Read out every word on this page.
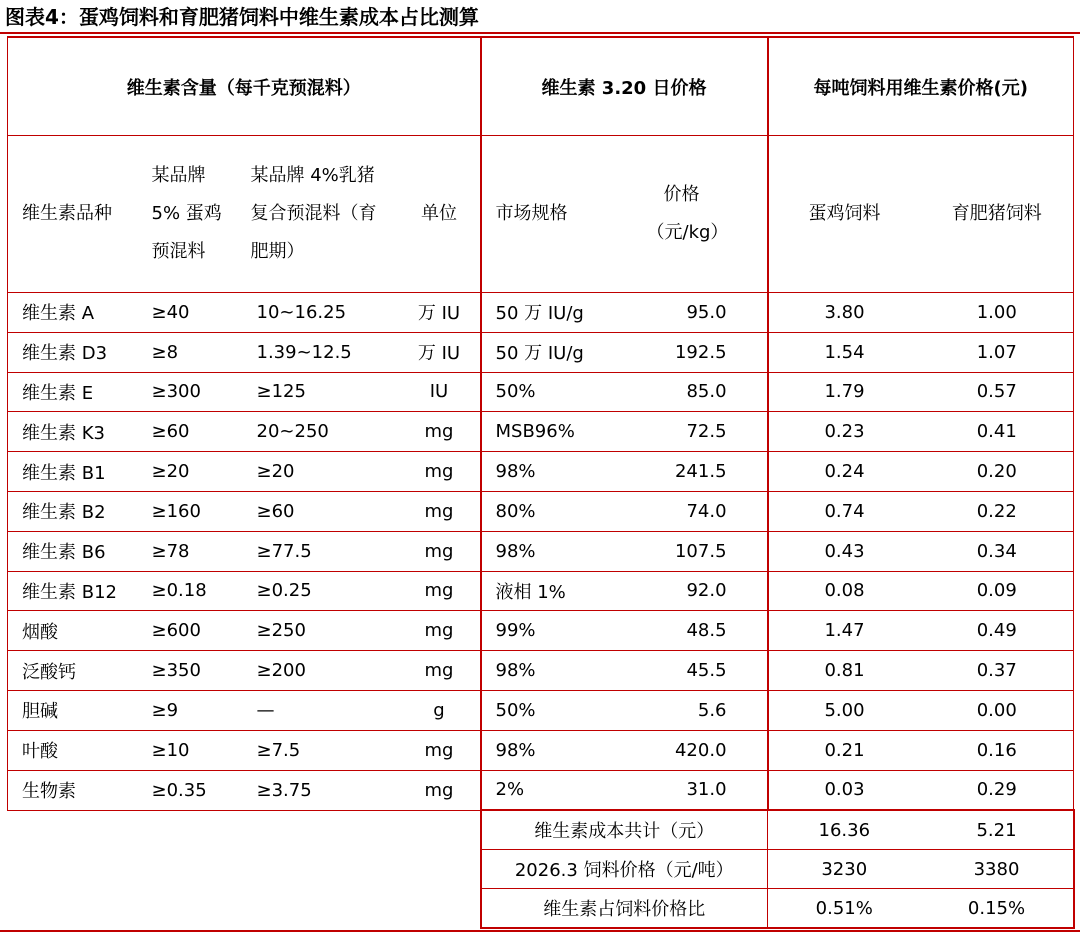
图表4：蛋鸡饲料和育肥猪饲料中维生素成本占比测算
维生素含量（每千克预混料）				维生素 3.20 日价格		每吨饲料用维生素价格(元)	
维生素品种	某品牌 5% 蛋鸡预混料	某品牌 4%乳猪复合预混料（育肥期）	单位	市场规格	价格（元/kg）	蛋鸡饲料	育肥猪饲料
维生素 A	≥40	10~16.25	万 IU	50 万 IU/g	95.0	3.80	1.00
维生素 D3	≥8	1.39~12.5	万 IU	50 万 IU/g	192.5	1.54	1.07
维生素 E	≥300	≥125	IU	50%	85.0	1.79	0.57
维生素 K3	≥60	20~250	mg	MSB96%	72.5	0.23	0.41
维生素 B1	≥20	≥20	mg	98%	241.5	0.24	0.20
维生素 B2	≥160	≥60	mg	80%	74.0	0.74	0.22
维生素 B6	≥78	≥77.5	mg	98%	107.5	0.43	0.34
维生素 B12	≥0.18	≥0.25	mg	液相 1%	92.0	0.08	0.09
烟酸	≥600	≥250	mg	99%	48.5	1.47	0.49
泛酸钙	≥350	≥200	mg	98%	45.5	0.81	0.37
胆碱	≥9	—	g	50%	5.6	5.00	0.00
叶酸	≥10	≥7.5	mg	98%	420.0	0.21	0.16
生物素	≥0.35	≥3.75	mg	2%	31.0	0.03	0.29
				维生素成本共计（元）		16.36	5.21
				2026.3 饲料价格（元/吨）		3230	3380
				维生素占饲料价格比		0.51%	0.15%
